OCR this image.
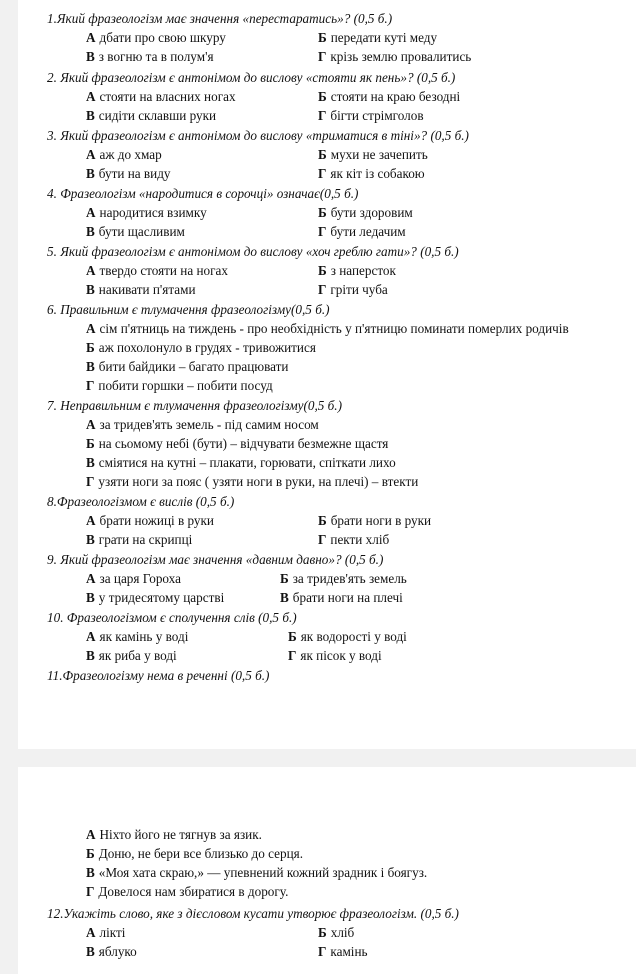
1.Який фразеологізм має значення «перестаратись»? (0,5 б.)
А дбати про свою шкуру	Б передати куті меду
В з вогню та в полум'я	Г крізь землю провалитись
2. Який фразеологізм є антонімом до вислову «стояти як пень»? (0,5 б.)
А стояти на власних ногах	Б стояти на краю безодні
В сидіти склавши руки	Г бігти стрімголов
3. Який фразеологізм є антонімом до вислову «триматися в тіні»? (0,5 б.)
А аж до хмар	Б мухи не зачепить
В бути на виду	Г як кіт із собакою
4. Фразеологізм «народитися в сорочці» означає(0,5 б.)
А народитися взимку	Б бути здоровим
В бути щасливим	Г бути ледачим
5. Який фразеологізм є антонімом до вислову «хоч греблю гати»? (0,5 б.)
А твердо стояти на ногах	Б з наперсток
В накивати п'ятами	Г гріти чуба
6. Правильним є тлумачення фразеологізму(0,5 б.)
А сім п'ятниць на тиждень - про необхідність у п'ятницю поминати померлих родичів
Б аж похолонуло в грудях - тривожитися
В бити байдики – багато працювати
Г побити горшки – побити посуд
7. Неправильним є тлумачення фразеологізму(0,5 б.)
А за тридев'ять земель - під самим носом
Б на сьомому небі (бути) – відчувати безмежне щастя
В сміятися на кутні – плакати, горювати, спіткати лихо
Г узяти ноги за пояс ( узяти ноги в руки, на плечі) – втекти
8.Фразеологізмом є вислів (0,5 б.)
А брати ножиці в руки	Б брати ноги в руки
В грати на скрипці	Г пекти хліб
9. Який фразеологізм має значення «давним давно»? (0,5 б.)
А за царя Гороха	Б за тридев'ять земель
В у тридесятому царстві	В брати ноги на плечі
10. Фразеологізмом є сполучення слів (0,5 б.)
А як камінь у воді	Б як водорості у воді
В як риба у воді	Г як пісок у воді
11.Фразеологізму нема в реченні (0,5 б.)
А Ніхто його не тягнув за язик.
Б Доню, не бери все близько до серця.
В «Моя хата скраю,» — упевнений кожний зрадник і боягуз.
Г Довелося нам збиратися в дорогу.
12.Укажіть слово, яке з дієсловом кусати утворює фразеологізм. (0,5 б.)
А лікті	Б хліб
В яблуко	Г камінь
